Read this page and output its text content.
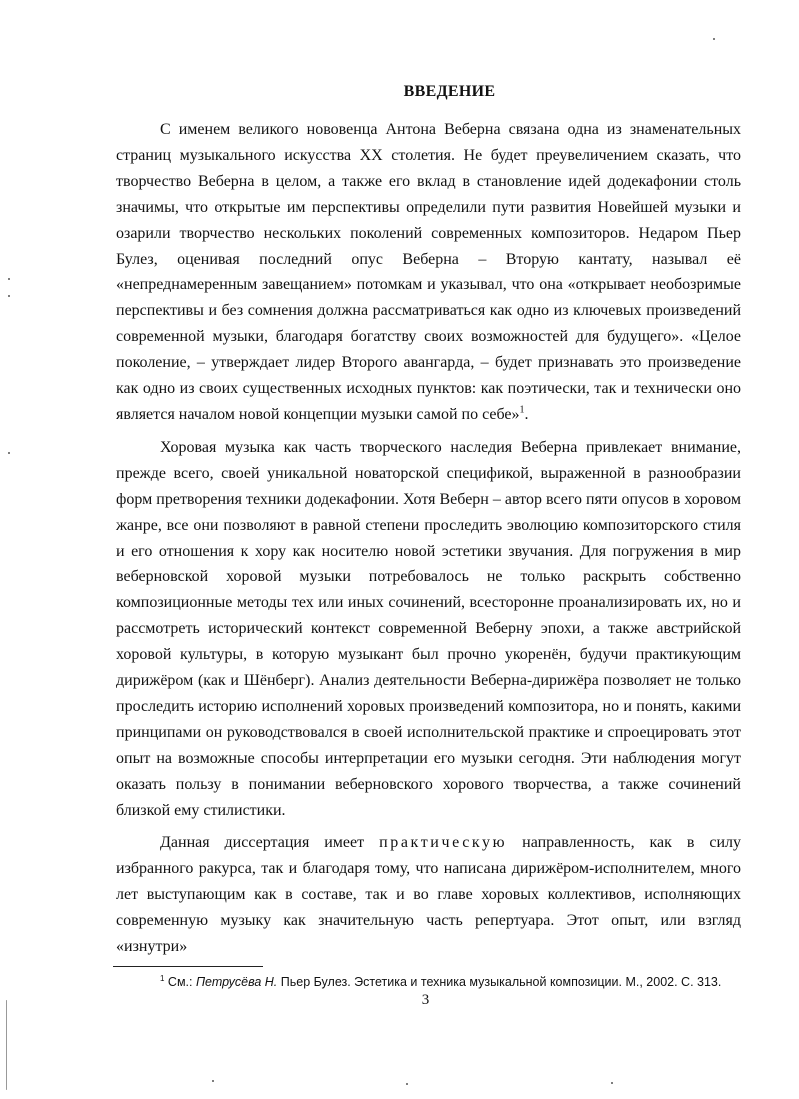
ВВЕДЕНИЕ

С именем великого нововенца Антона Веберна связана одна из знаменательных страниц музыкального искусства XX столетия. Не будет преувеличением сказать, что творчество Веберна в целом, а также его вклад в становление идей додекафонии столь значимы, что открытые им перспективы определили пути развития Новейшей музыки и озарили творчество нескольких поколений современных композиторов. Недаром Пьер Булез, оценивая последний опус Веберна – Вторую кантату, называл её «непреднамеренным завещанием» потомкам и указывал, что она «открывает необозримые перспективы и без сомнения должна рассматриваться как одно из ключевых произведений современной музыки, благодаря богатству своих возможностей для будущего». «Целое поколение, – утверждает лидер Второго авангарда, – будет признавать это произведение как одно из своих существенных исходных пунктов: как поэтически, так и технически оно является началом новой концепции музыки самой по себе»$^1$.

Хоровая музыка как часть творческого наследия Веберна привлекает внимание, прежде всего, своей уникальной новаторской спецификой, выраженной в разнообразии форм претворения техники додекафонии. Хотя Веберн – автор всего пяти опусов в хоровом жанре, все они позволяют в равной степени проследить эволюцию композиторского стиля и его отношения к хору как носителю новой эстетики звучания. Для погружения в мир веберновской хоровой музыки потребовалось не только раскрыть собственно композиционные методы тех или иных сочинений, всесторонне проанализировать их, но и рассмотреть исторический контекст современной Веберну эпохи, а также австрийской хоровой культуры, в которую музыкант был прочно укоренён, будучи практикующим дирижёром (как и Шёнберг). Анализ деятельности Веберна-дирижёра позволяет не только проследить историю исполнений хоровых произведений композитора, но и понять, какими принципами он руководствовался в своей исполнительской практике и спроецировать этот опыт на возможные способы интерпретации его музыки сегодня. Эти наблюдения могут оказать пользу в понимании веберновского хорового творчества, а также сочинений близкой ему стилистики.

Данная диссертация имеет практическую направленность, как в силу избранного ракурса, так и благодаря тому, что написана дирижёром-исполнителем, много лет выступающим как в составе, так и во главе хоровых коллективов, исполняющих современную музыку как значительную часть репертуара. Этот опыт, или взгляд «изнутри»

$^1$ См.: Петрусёва Н. Пьер Булез. Эстетика и техника музыкальной композиции. М., 2002. С. 313.
3
